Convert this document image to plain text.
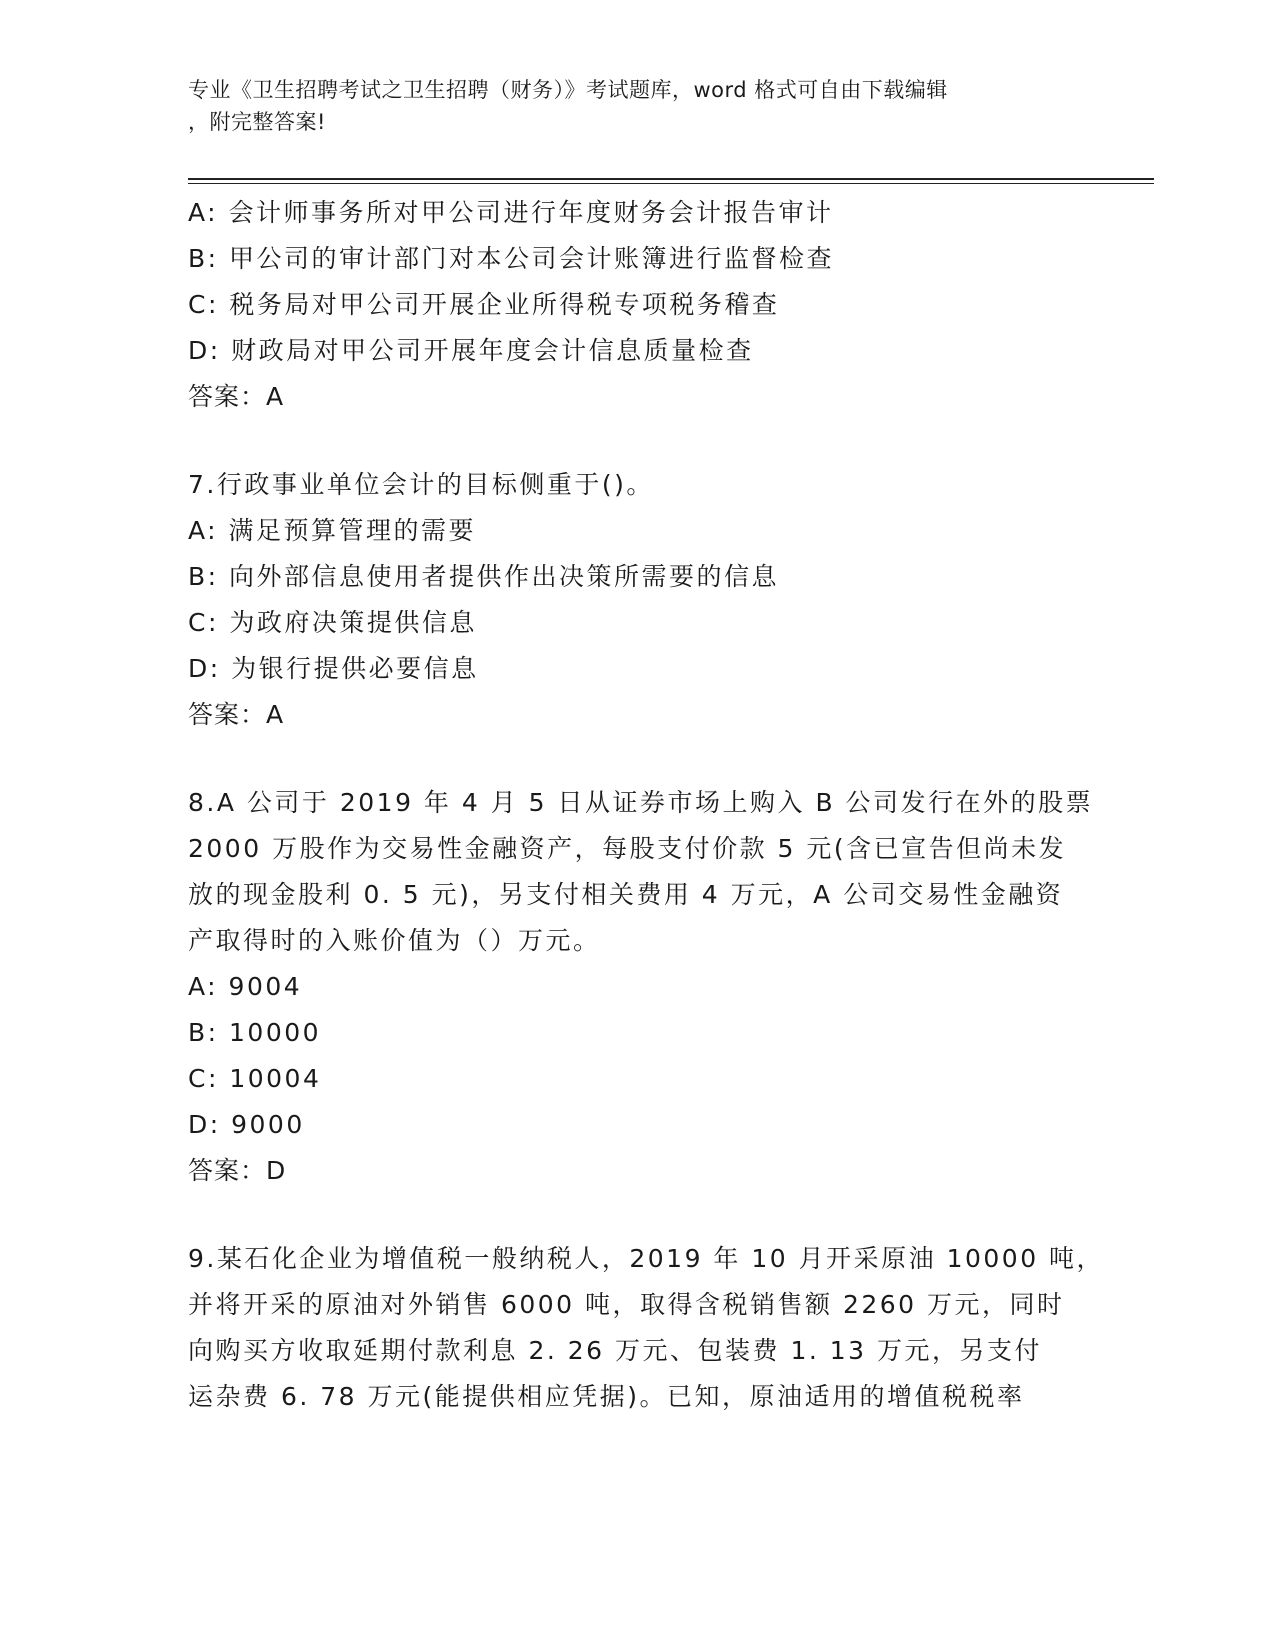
专业《卫生招聘考试之卫生招聘（财务）》考试题库，word 格式可自由下载编辑
，附完整答案!
A: 会计师事务所对甲公司进行年度财务会计报告审计
B: 甲公司的审计部门对本公司会计账簿进行监督检查
C: 税务局对甲公司开展企业所得税专项税务稽查
D: 财政局对甲公司开展年度会计信息质量检查
答案：A
7.行政事业单位会计的目标侧重于()。
A: 满足预算管理的需要
B: 向外部信息使用者提供作出决策所需要的信息
C: 为政府决策提供信息
D: 为银行提供必要信息
答案：A
8.A 公司于 2019 年 4 月 5 日从证券市场上购入 B 公司发行在外的股票
2000 万股作为交易性金融资产，每股支付价款 5 元(含已宣告但尚未发
放的现金股利 0. 5 元)，另支付相关费用 4 万元，A 公司交易性金融资
产取得时的入账价值为（）万元。
A: 9004
B: 10000
C: 10004
D: 9000
答案：D
9.某石化企业为增值税一般纳税人，2019 年 10 月开采原油 10000 吨，
并将开采的原油对外销售 6000 吨，取得含税销售额 2260 万元，同时
向购买方收取延期付款利息 2. 26 万元、包装费 1. 13 万元，另支付
运杂费 6. 78 万元(能提供相应凭据)。已知，原油适用的增值税税率
